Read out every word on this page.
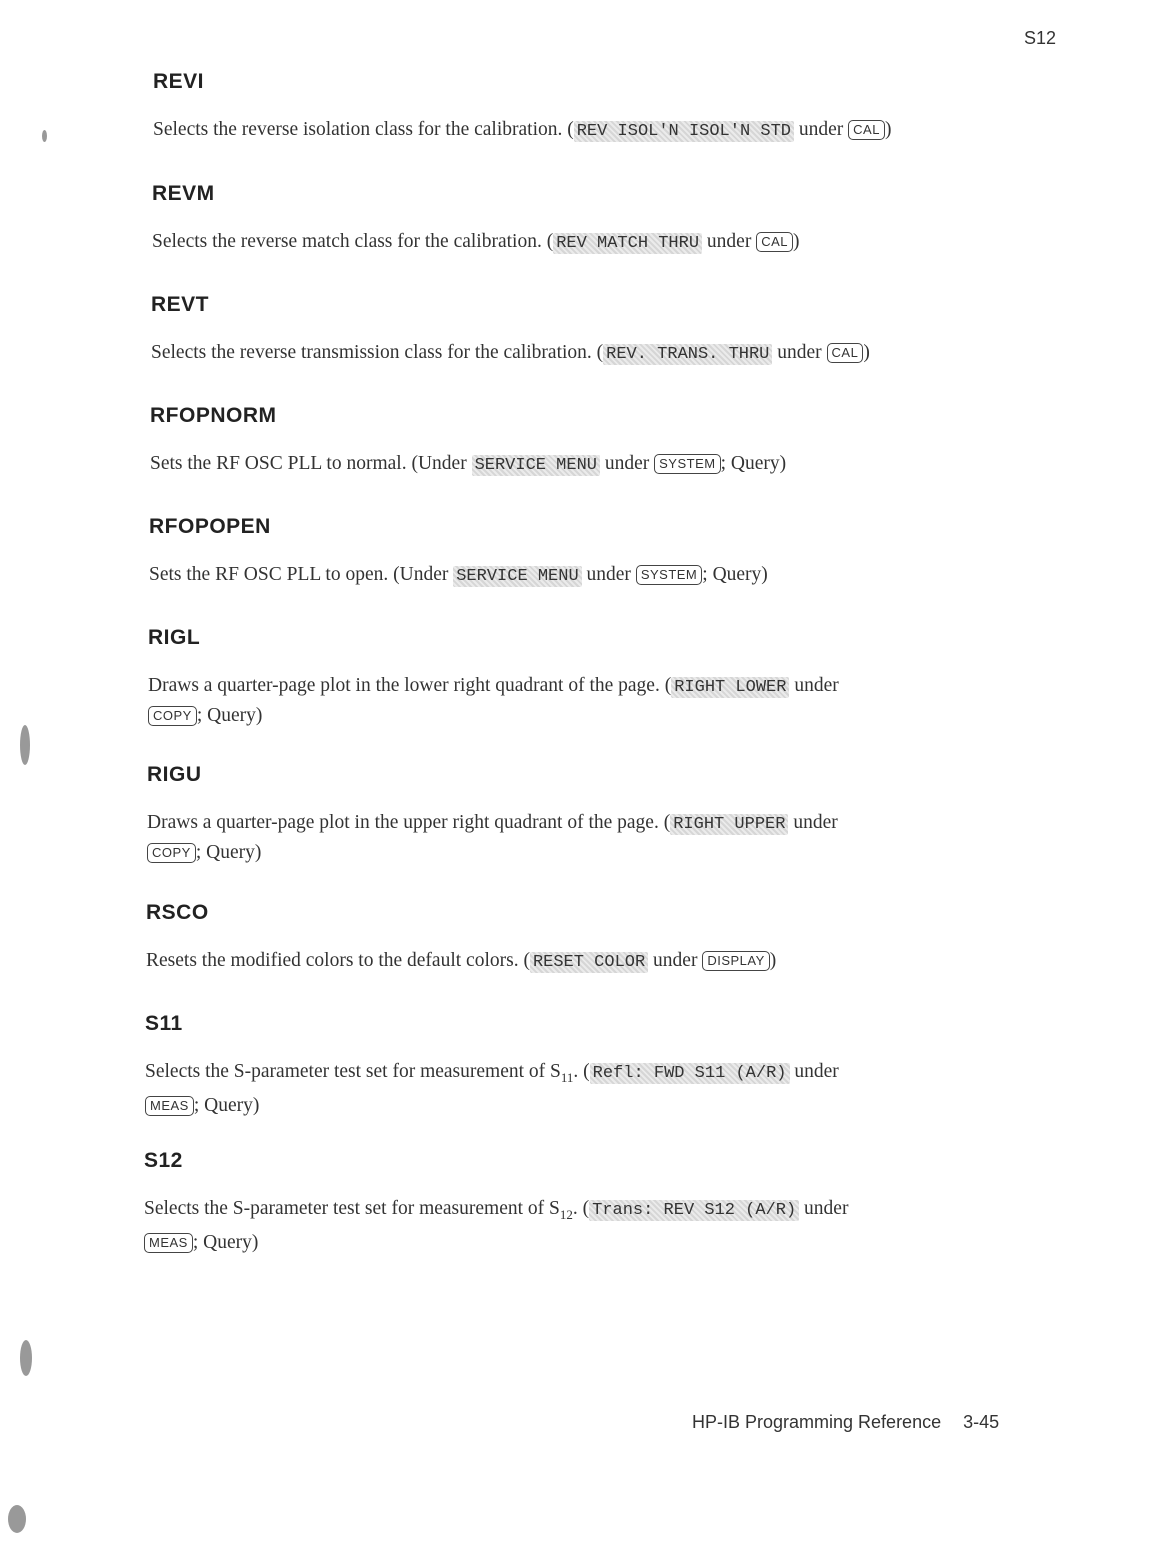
S12
REVI
Selects the reverse isolation class for the calibration. ( REV ISOL'N ISOL'N STD under CAL )
REVM
Selects the reverse match class for the calibration. ( REV MATCH THRU under CAL )
REVT
Selects the reverse transmission class for the calibration. ( REV. TRANS. THRU under CAL )
RFOPNORM
Sets the RF OSC PLL to normal. (Under SERVICE MENU under SYSTEM ; Query)
RFOPOPEN
Sets the RF OSC PLL to open. (Under SERVICE MENU under SYSTEM ; Query)
RIGL
Draws a quarter-page plot in the lower right quadrant of the page. ( RIGHT LOWER under
COPY ; Query)
RIGU
Draws a quarter-page plot in the upper right quadrant of the page. ( RIGHT UPPER under
COPY ; Query)
RSCO
Resets the modified colors to the default colors. ( RESET COLOR under DISPLAY )
S11
Selects the S-parameter test set for measurement of $S_{11}$. ( Refl: FWD S11 (A/R) under
MEAS ; Query)
S12
Selects the S-parameter test set for measurement of $S_{12}$. ( Trans: REV S12 (A/R) under
MEAS ; Query)
HP-IB Programming Reference 3-45
